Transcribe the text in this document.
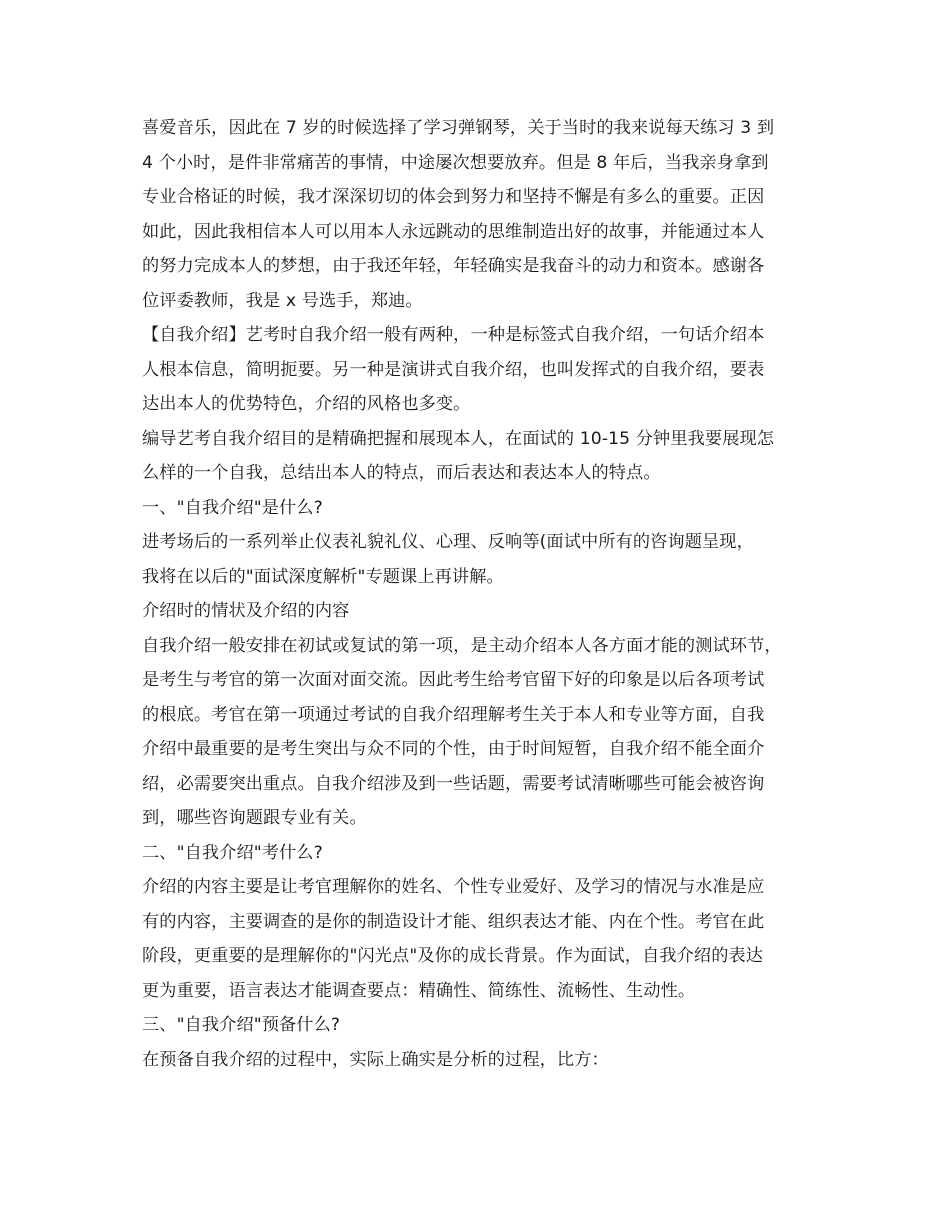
喜爱音乐，因此在 7 岁的时候选择了学习弹钢琴，关于当时的我来说每天练习 3 到
4 个小时，是件非常痛苦的事情，中途屡次想要放弃。但是 8 年后，当我亲身拿到
专业合格证的时候，我才深深切切的体会到努力和坚持不懈是有多么的重要。正因
如此，因此我相信本人可以用本人永远跳动的思维制造出好的故事，并能通过本人
的努力完成本人的梦想，由于我还年轻，年轻确实是我奋斗的动力和资本。感谢各
位评委教师，我是 x 号选手，郑迪。
【自我介绍】艺考时自我介绍一般有两种，一种是标签式自我介绍，一句话介绍本
人根本信息，简明扼要。另一种是演讲式自我介绍，也叫发挥式的自我介绍，要表
达出本人的优势特色，介绍的风格也多变。
编导艺考自我介绍目的是精确把握和展现本人，在面试的 10-15 分钟里我要展现怎
么样的一个自我，总结出本人的特点，而后表达和表达本人的特点。
一、"自我介绍"是什么?
进考场后的一系列举止仪表礼貌礼仪、心理、反响等(面试中所有的咨询题呈现，
我将在以后的"面试深度解析"专题课上再讲解。
介绍时的情状及介绍的内容
自我介绍一般安排在初试或复试的第一项，是主动介绍本人各方面才能的测试环节，
是考生与考官的第一次面对面交流。因此考生给考官留下好的印象是以后各项考试
的根底。考官在第一项通过考试的自我介绍理解考生关于本人和专业等方面，自我
介绍中最重要的是考生突出与众不同的个性，由于时间短暂，自我介绍不能全面介
绍，必需要突出重点。自我介绍涉及到一些话题，需要考试清晰哪些可能会被咨询
到，哪些咨询题跟专业有关。
二、"自我介绍"考什么?
介绍的内容主要是让考官理解你的姓名、个性专业爱好、及学习的情况与水准是应
有的内容，主要调查的是你的制造设计才能、组织表达才能、内在个性。考官在此
阶段，更重要的是理解你的"闪光点"及你的成长背景。作为面试，自我介绍的表达
更为重要，语言表达才能调查要点：精确性、简练性、流畅性、生动性。
三、"自我介绍"预备什么?
在预备自我介绍的过程中，实际上确实是分析的过程，比方：
